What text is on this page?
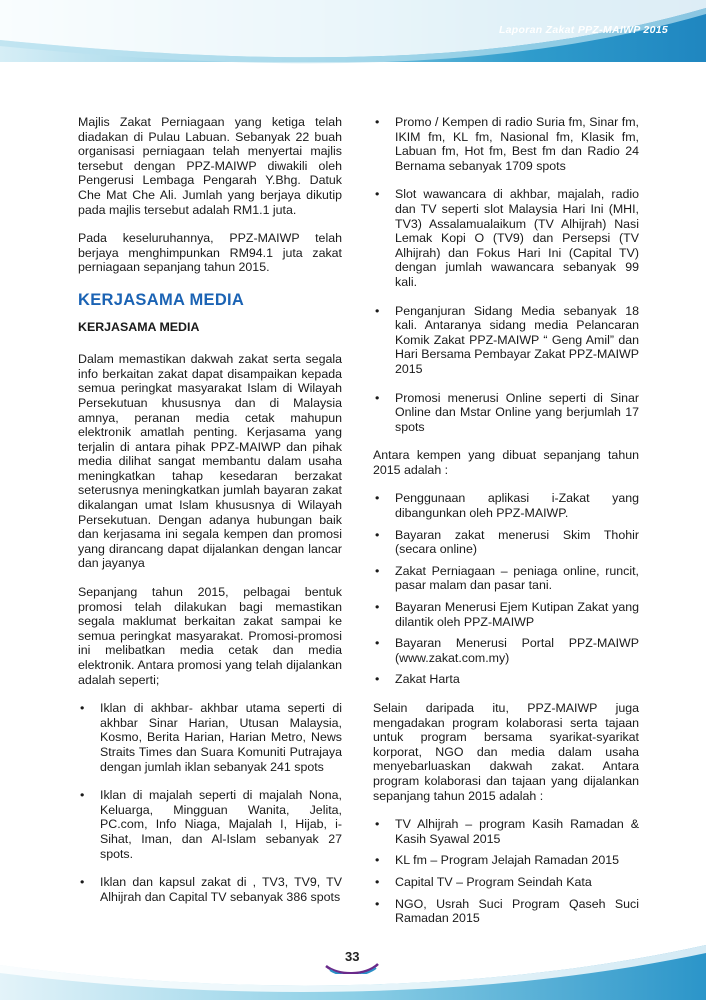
Laporan Zakat PPZ-MAIWP 2015

Majlis Zakat Perniagaan yang ketiga telah diadakan di Pulau Labuan. Sebanyak 22 buah organisasi perniagaan telah menyertai majlis tersebut dengan PPZ-MAIWP diwakili oleh Pengerusi Lembaga Pengarah Y.Bhg. Datuk Che Mat Che Ali. Jumlah yang berjaya dikutip pada majlis tersebut adalah RM1.1 juta.

Pada keseluruhannya, PPZ-MAIWP telah berjaya menghimpunkan RM94.1 juta zakat perniagaan sepanjang tahun 2015.

KERJASAMA MEDIA
KERJASAMA MEDIA

Dalam memastikan dakwah zakat serta segala info berkaitan zakat dapat disampaikan kepada semua peringkat masyarakat Islam di Wilayah Persekutuan khususnya dan di Malaysia amnya, peranan media cetak mahupun elektronik amatlah penting. Kerjasama yang terjalin di antara pihak PPZ-MAIWP dan pihak media dilihat sangat membantu dalam usaha meningkatkan tahap kesedaran berzakat seterusnya meningkatkan jumlah bayaran zakat dikalangan umat Islam khususnya di Wilayah Persekutuan. Dengan adanya hubungan baik dan kerjasama ini segala kempen dan promosi yang dirancang dapat dijalankan dengan lancar dan jayanya

Sepanjang tahun 2015, pelbagai bentuk promosi telah dilakukan bagi memastikan segala maklumat berkaitan zakat sampai ke semua peringkat masyarakat. Promosi-promosi ini melibatkan media cetak dan media elektronik. Antara promosi yang telah dijalankan adalah seperti;

• Iklan di akhbar- akhbar utama seperti di akhbar Sinar Harian, Utusan Malaysia, Kosmo, Berita Harian, Harian Metro, News Straits Times dan Suara Komuniti Putrajaya dengan jumlah iklan sebanyak 241 spots
• Iklan di majalah seperti di majalah Nona, Keluarga, Mingguan Wanita, Jelita, PC.com, Info Niaga, Majalah I, Hijab, i-Sihat, Iman, dan Al-Islam sebanyak 27 spots.
• Iklan dan kapsul zakat di , TV3, TV9, TV Alhijrah dan Capital TV sebanyak 386 spots
• Promo / Kempen di radio Suria fm, Sinar fm, IKIM fm, KL fm, Nasional fm, Klasik fm, Labuan fm, Hot fm, Best fm dan Radio 24 Bernama sebanyak 1709 spots
• Slot wawancara di akhbar, majalah, radio dan TV seperti slot Malaysia Hari Ini (MHI, TV3) Assalamualaikum (TV Alhijrah) Nasi Lemak Kopi O (TV9) dan Persepsi (TV Alhijrah) dan Fokus Hari Ini (Capital TV) dengan jumlah wawancara sebanyak 99 kali.
• Penganjuran Sidang Media sebanyak 18 kali. Antaranya sidang media Pelancaran Komik Zakat PPZ-MAIWP “ Geng Amil” dan Hari Bersama Pembayar Zakat PPZ-MAIWP 2015
• Promosi menerusi Online seperti di Sinar Online dan Mstar Online yang berjumlah 17 spots

Antara kempen yang dibuat sepanjang tahun 2015 adalah :

• Penggunaan aplikasi i-Zakat yang dibangunkan oleh PPZ-MAIWP.
• Bayaran zakat menerusi Skim Thohir (secara online)
• Zakat Perniagaan – peniaga online, runcit, pasar malam dan pasar tani.
• Bayaran Menerusi Ejem Kutipan Zakat yang dilantik oleh PPZ-MAIWP
• Bayaran Menerusi Portal PPZ-MAIWP (www.zakat.com.my)
• Zakat Harta

Selain daripada itu, PPZ-MAIWP juga mengadakan program kolaborasi serta tajaan untuk program bersama syarikat-syarikat korporat, NGO dan media dalam usaha menyebarluaskan dakwah zakat. Antara program kolaborasi dan tajaan yang dijalankan sepanjang tahun 2015 adalah :

• TV Alhijrah – program Kasih Ramadan & Kasih Syawal 2015
• KL fm – Program Jelajah Ramadan 2015
• Capital TV – Program Seindah Kata
• NGO, Usrah Suci Program Qaseh Suci Ramadan 2015
33
